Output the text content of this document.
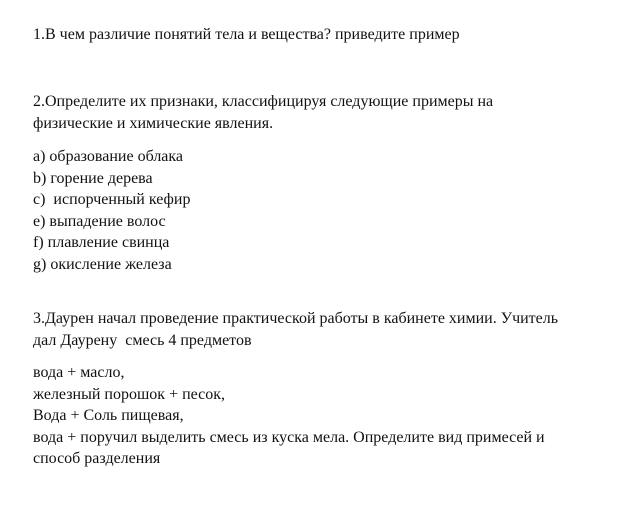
1.В чем различие понятий тела и вещества? приведите пример
2.Определите их признаки, классифицируя следующие примеры на
физические и химические явления.
a) образование облака
b) горение дерева
c)  испорченный кефир
e) выпадение волос
f) плавление свинца
g) окисление железа
3.Даурен начал проведение практической работы в кабинете химии. Учитель
дал Даурену  смесь 4 предметов
вода + масло,
железный порошок + песок,
Вода + Соль пищевая,
вода + поручил выделить смесь из куска мела. Определите вид примесей и
способ разделения
